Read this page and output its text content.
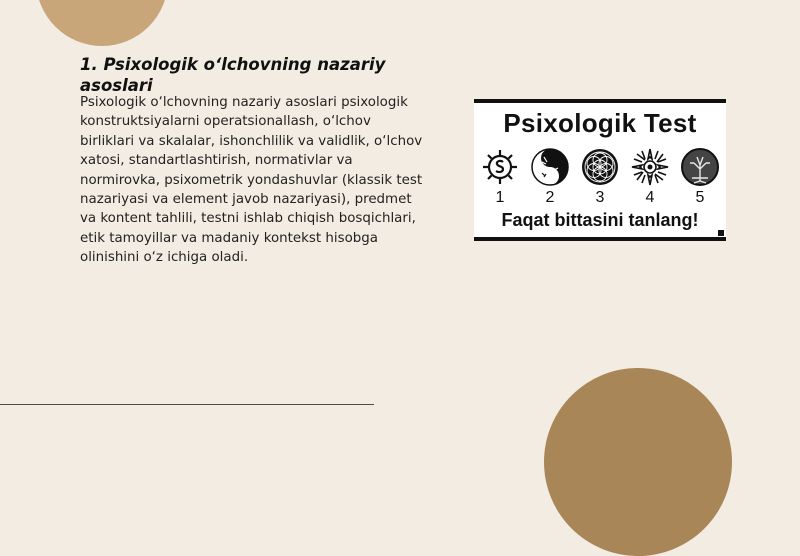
1. Psixologik o‘lchovning nazariy asoslari

Psixologik o‘lchovning nazariy asoslari psixologik konstruktsiyalarni operatsionallash, o‘lchov birliklari va skalalar, ishonchlilik va validlik, o‘lchov xatosi, standartlashtirish, normativlar va normirovka, psixometrik yondashuvlar (klassik test nazariyasi va element javob nazariyasi), predmet va kontent tahlili, testni ishlab chiqish bosqichlari, etik tamoyillar va madaniy kontekst hisobga olinishini o‘z ichiga oladi.

Psixologik Test
1	2	3	4	5
Faqat bittasini tanlang!
